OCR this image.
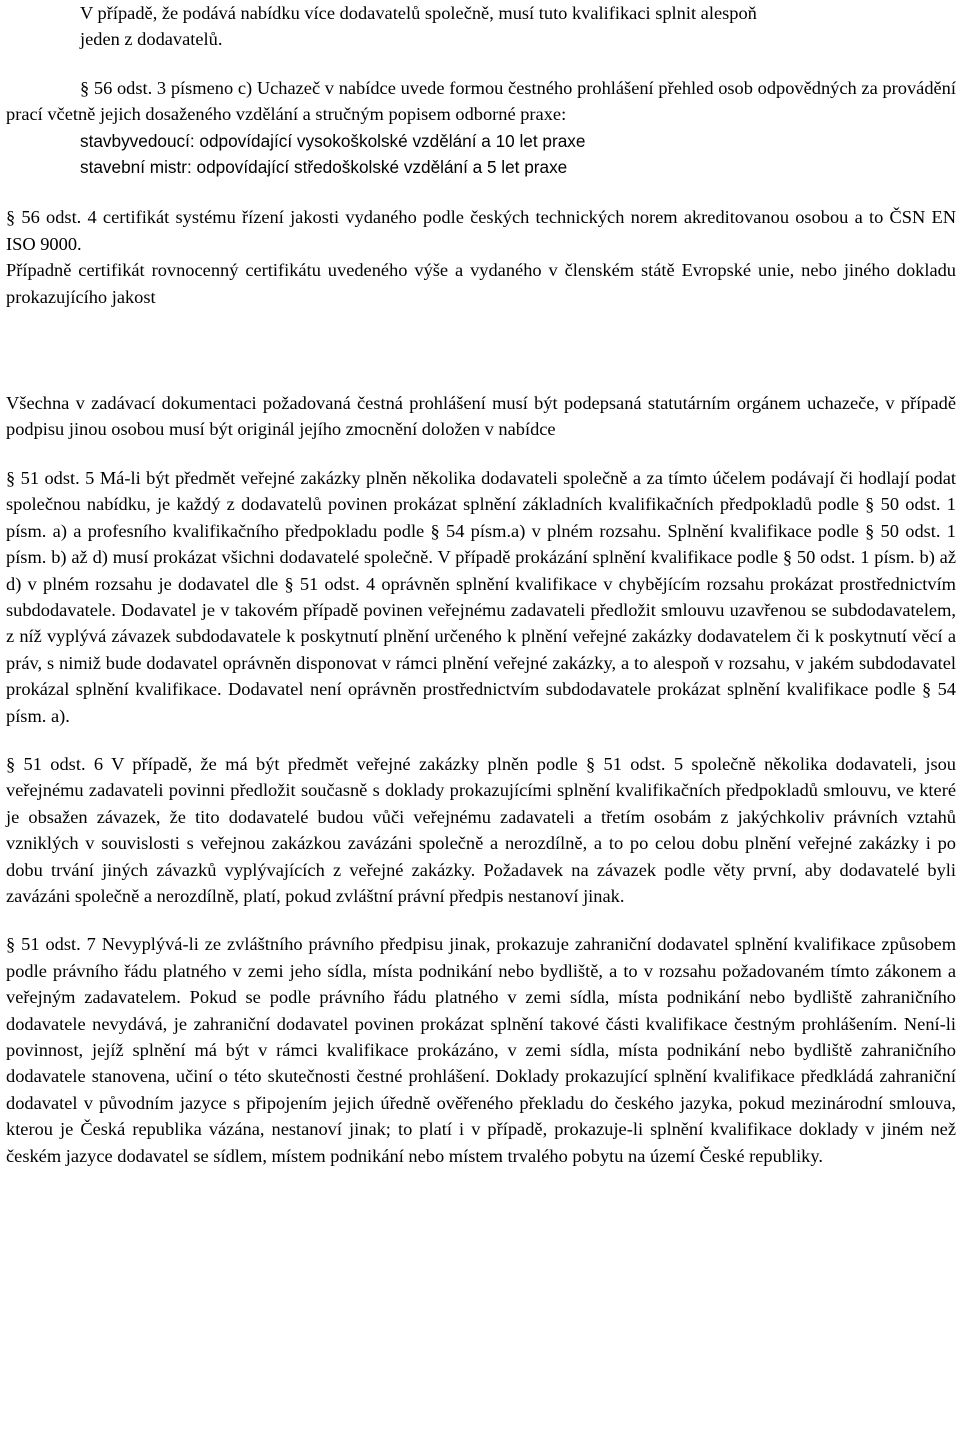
V případě, že podává nabídku více dodavatelů společně, musí tuto kvalifikaci splnit alespoň

jeden z dodavatelů.

§ 56 odst. 3 písmeno c) Uchazeč v nabídce uvede formou čestného prohlášení přehled osob odpovědných za provádění prací včetně jejich dosaženého vzdělání a stručným popisem odborné praxe:

stavbyvedoucí: odpovídající vysokoškolské vzdělání a 10 let praxe

stavební mistr: odpovídající středoškolské vzdělání a 5 let praxe

§ 56 odst. 4 certifikát systému řízení jakosti vydaného podle českých technických norem akreditovanou osobou a to ČSN EN ISO 9000.

Případně certifikát rovnocenný certifikátu uvedeného výše a vydaného v členském státě Evropské unie, nebo jiného dokladu prokazujícího jakost

Všechna v zadávací dokumentaci požadovaná čestná prohlášení musí být podepsaná statutárním orgánem uchazeče, v případě podpisu jinou osobou musí být originál jejího zmocnění doložen v nabídce

§ 51 odst. 5 Má-li být předmět veřejné zakázky plněn několika dodavateli společně a za tímto účelem podávají či hodlají podat společnou nabídku, je každý z dodavatelů povinen prokázat splnění základních kvalifikačních předpokladů podle § 50 odst. 1 písm. a) a profesního kvalifikačního předpokladu podle § 54 písm.a) v plném rozsahu. Splnění kvalifikace podle § 50 odst. 1 písm. b) až d) musí prokázat všichni dodavatelé společně. V případě prokázání splnění kvalifikace podle § 50 odst. 1 písm. b) až d) v plném rozsahu je dodavatel dle § 51 odst. 4 oprávněn splnění kvalifikace v chybějícím rozsahu prokázat prostřednictvím subdodavatele. Dodavatel je v takovém případě povinen veřejnému zadavateli předložit smlouvu uzavřenou se subdodavatelem, z níž vyplývá závazek subdodavatele k poskytnutí plnění určeného k plnění veřejné zakázky dodavatelem či k poskytnutí věcí a práv, s nimiž bude dodavatel oprávněn disponovat v rámci plnění veřejné zakázky, a to alespoň v rozsahu, v jakém subdodavatel prokázal splnění kvalifikace. Dodavatel není oprávněn prostřednictvím subdodavatele prokázat splnění kvalifikace podle § 54 písm. a).

§ 51 odst. 6 V případě, že má být předmět veřejné zakázky plněn podle § 51 odst. 5 společně několika dodavateli, jsou veřejnému zadavateli povinni předložit současně s doklady prokazujícími splnění kvalifikačních předpokladů smlouvu, ve které je obsažen závazek, že tito dodavatelé budou vůči veřejnému zadavateli a třetím osobám z jakýchkoliv právních vztahů vzniklých v souvislosti s veřejnou zakázkou zavázáni společně a nerozdílně, a to po celou dobu plnění veřejné zakázky i po dobu trvání jiných závazků vyplývajících z veřejné zakázky. Požadavek na závazek podle věty první, aby dodavatelé byli zavázáni společně a nerozdílně, platí, pokud zvláštní právní předpis nestanoví jinak.

§ 51 odst. 7 Nevyplývá-li ze zvláštního právního předpisu jinak, prokazuje zahraniční dodavatel splnění kvalifikace způsobem podle právního řádu platného v zemi jeho sídla, místa podnikání nebo bydliště, a to v rozsahu požadovaném tímto zákonem a veřejným zadavatelem. Pokud se podle právního řádu platného v zemi sídla, místa podnikání nebo bydliště zahraničního dodavatele nevydává, je zahraniční dodavatel povinen prokázat splnění takové části kvalifikace čestným prohlášením. Není-li povinnost, jejíž splnění má být v rámci kvalifikace prokázáno, v zemi sídla, místa podnikání nebo bydliště zahraničního dodavatele stanovena, učiní o této skutečnosti čestné prohlášení. Doklady prokazující splnění kvalifikace předkládá zahraniční dodavatel v původním jazyce s připojením jejich úředně ověřeného překladu do českého jazyka, pokud mezinárodní smlouva, kterou je Česká republika vázána, nestanoví jinak; to platí i v případě, prokazuje-li splnění kvalifikace doklady v jiném než českém jazyce dodavatel se sídlem, místem podnikání nebo místem trvalého pobytu na území České republiky.
